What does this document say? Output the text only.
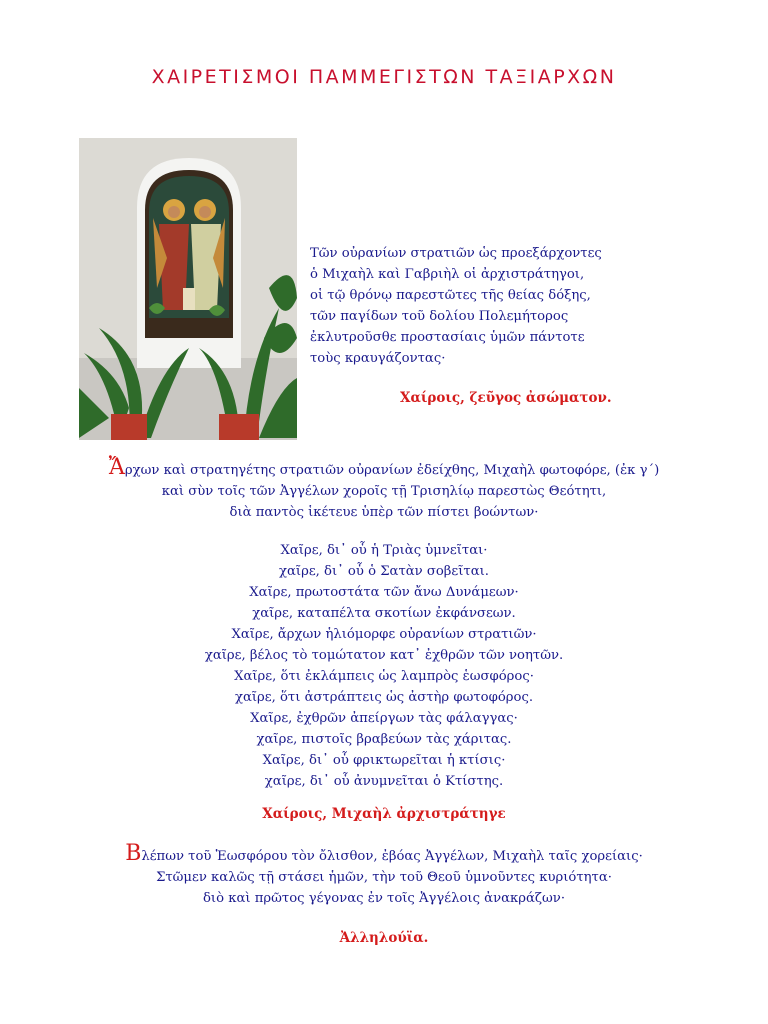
ΧΑΙΡΕΤΙΣΜΟΙ ΠΑΜΜΕΓΙΣΤΩΝ ΤΑΞΙΑΡΧΩΝ
Τῶν οὐρανίων στρατιῶν ὡς προεξάρχοντες
ὁ Μιχαὴλ καὶ Γαβριὴλ οἱ ἀρχιστράτηγοι,
οἱ τῷ θρόνῳ παρεστῶτες τῆς θείας δόξης,
τῶν παγίδων τοῦ δολίου Πολεμήτορος
ἐκλυτροῦσθε προστασίαις ὑμῶν πάντοτε
τοὺς κραυγάζοντας·
Χαίροις, ζεῦγος ἀσώματον.
Ἄρχων καὶ στρατηγέτης στρατιῶν οὐρανίων ἐδείχθης, Μιχαὴλ φωτοφόρε, (ἐκ γ΄)
καὶ σὺν τοῖς τῶν Ἀγγέλων χοροῖς τῇ Τρισηλίῳ παρεστὼς Θεότητι,
διὰ παντὸς ἱκέτευε ὑπὲρ τῶν πίστει βοώντων·
Χαῖρε, δι᾽ οὗ ἡ Τριὰς ὑμνεῖται·
χαῖρε, δι᾽ οὗ ὁ Σατὰν σοβεῖται.
Χαῖρε, πρωτοστάτα τῶν ἄνω Δυνάμεων·
χαῖρε, καταπέλτα σκοτίων ἐκφάνσεων.
Χαῖρε, ἄρχων ἡλιόμορφε οὐρανίων στρατιῶν·
χαῖρε, βέλος τὸ τομώτατον κατ᾽ ἐχθρῶν τῶν νοητῶν.
Χαῖρε, ὅτι ἐκλάμπεις ὡς λαμπρὸς ἑωσφόρος·
χαῖρε, ὅτι ἀστράπτεις ὡς ἀστὴρ φωτοφόρος.
Χαῖρε, ἐχθρῶν ἀπείργων τὰς φάλαγγας·
χαῖρε, πιστοῖς βραβεύων τὰς χάριτας.
Χαῖρε, δι᾽ οὗ φρικτωρεῖται ἡ κτίσις·
χαῖρε, δι᾽ οὗ ἀνυμνεῖται ὁ Κτίστης.
Χαίροις, Μιχαὴλ ἀρχιστράτηγε
Βλέπων τοῦ Ἑωσφόρου τὸν ὄλισθον, ἐβόας Ἀγγέλων, Μιχαὴλ ταῖς χορείαις·
Στῶμεν καλῶς τῇ στάσει ἡμῶν, τὴν τοῦ Θεοῦ ὑμνοῦντες κυριότητα·
διὸ καὶ πρῶτος γέγονας ἐν τοῖς Ἀγγέλοις ἀνακράζων·
Ἀλληλούϊα.
